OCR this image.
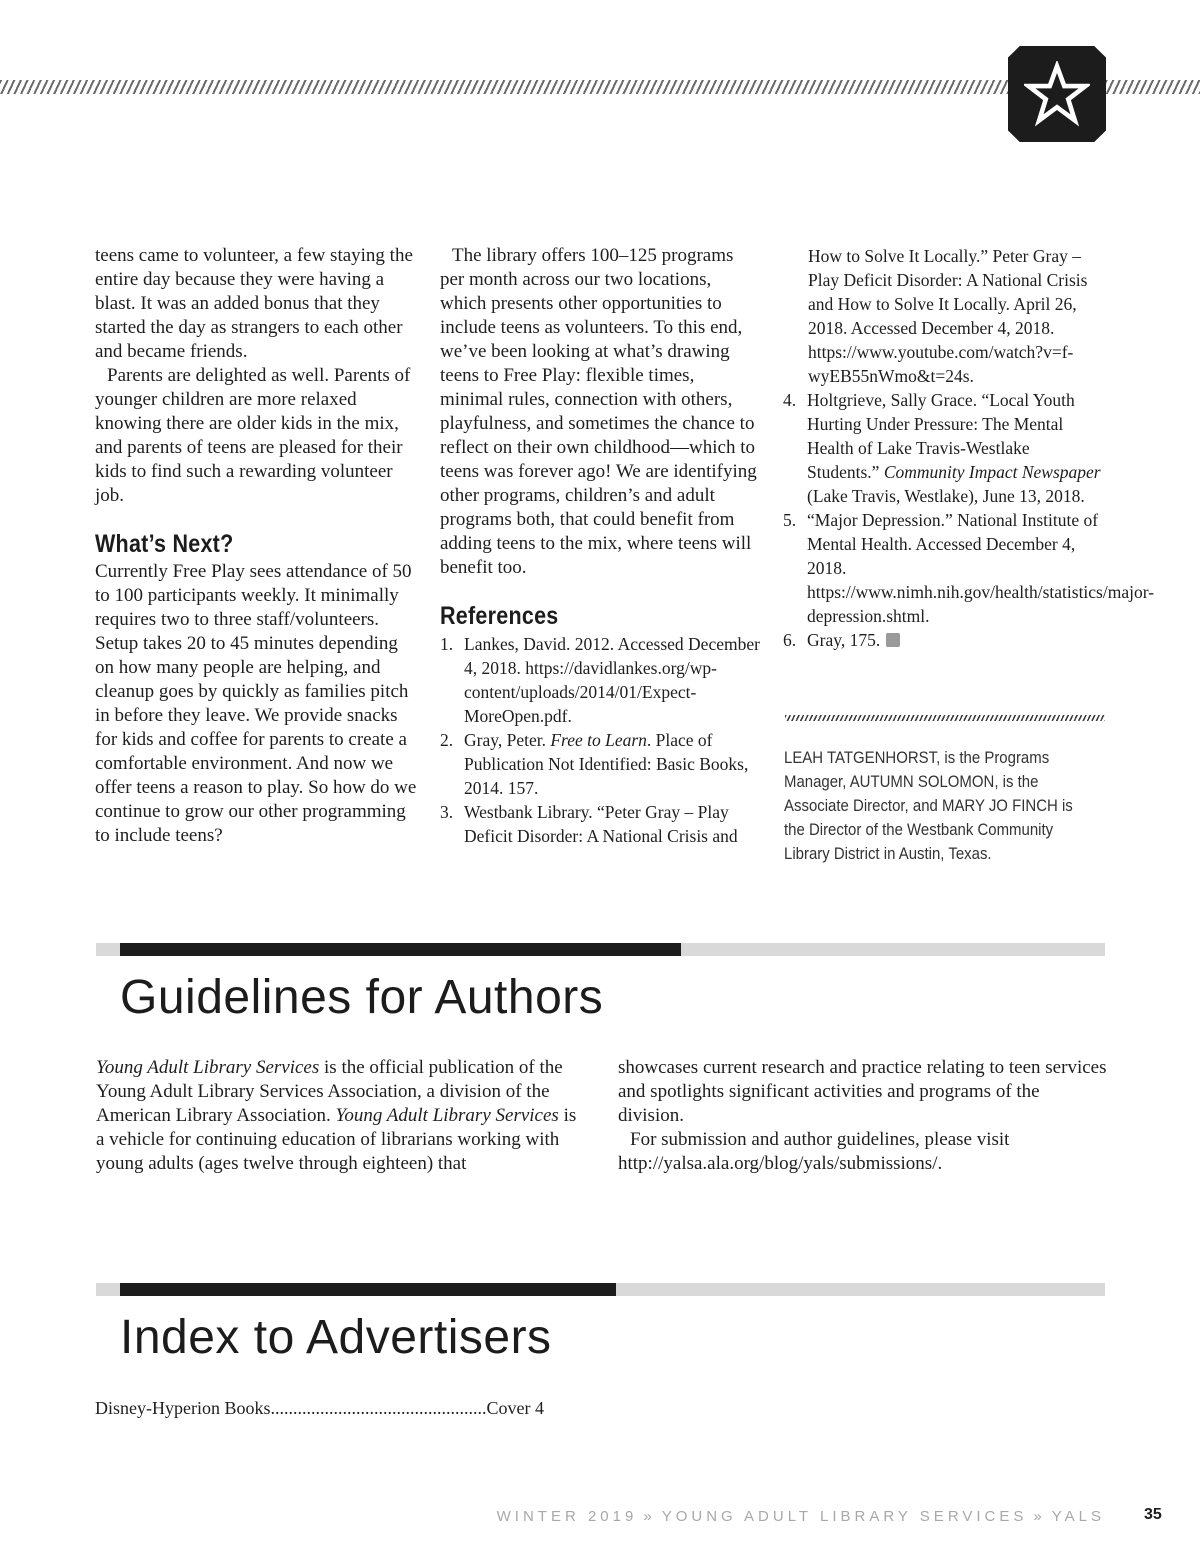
teens came to volunteer, a few staying the entire day because they were having a blast. It was an added bonus that they started the day as strangers to each other and became friends.

Parents are delighted as well. Parents of younger children are more relaxed knowing there are older kids in the mix, and parents of teens are pleased for their kids to find such a rewarding volunteer job.

What’s Next?

Currently Free Play sees attendance of 50 to 100 participants weekly. It minimally requires two to three staff/volunteers. Setup takes 20 to 45 minutes depending on how many people are helping, and cleanup goes by quickly as families pitch in before they leave. We provide snacks for kids and coffee for parents to create a comfortable environment. And now we offer teens a reason to play. So how do we continue to grow our other programming to include teens?

The library offers 100–125 programs per month across our two locations, which presents other opportunities to include teens as volunteers. To this end, we’ve been looking at what’s drawing teens to Free Play: flexible times, minimal rules, connection with others, playfulness, and sometimes the chance to reflect on their own childhood—which to teens was forever ago! We are identifying other programs, children’s and adult programs both, that could benefit from adding teens to the mix, where teens will benefit too.

References
1. Lankes, David. 2012. Accessed December 4, 2018. https://davidlankes.org/wp-content/uploads/2014/01/Expect-MoreOpen.pdf.
2. Gray, Peter. Free to Learn. Place of Publication Not Identified: Basic Books, 2014. 157.
3. Westbank Library. “Peter Gray – Play Deficit Disorder: A National Crisis and
How to Solve It Locally.” Peter Gray – Play Deficit Disorder: A National Crisis and How to Solve It Locally. April 26, 2018. Accessed December 4, 2018. https://www.youtube.com/watch?v=f-wyEB55nWmo&t=24s.
4. Holtgrieve, Sally Grace. “Local Youth Hurting Under Pressure: The Mental Health of Lake Travis-Westlake Students.” Community Impact Newspaper (Lake Travis, Westlake), June 13, 2018.
5. “Major Depression.” National Institute of Mental Health. Accessed December 4, 2018. https://www.nimh.nih.gov/health/statistics/major-depression.shtml.
6. Gray, 175.
LEAH TATGENHORST, is the Programs Manager, AUTUMN SOLOMON, is the Associate Director, and MARY JO FINCH is the Director of the Westbank Community Library District in Austin, Texas.
Guidelines for Authors

Young Adult Library Services is the official publication of the Young Adult Library Services Association, a division of the American Library Association. Young Adult Library Services is a vehicle for continuing education of librarians working with young adults (ages twelve through eighteen) that

showcases current research and practice relating to teen services and spotlights significant activities and programs of the division.

For submission and author guidelines, please visit http://yalsa.ala.org/blog/yals/submissions/.

Index to Advertisers
Disney-Hyperion Books................................................Cover 4
WINTER 2019 » YOUNG ADULT LIBRARY SERVICES » YALS 35
